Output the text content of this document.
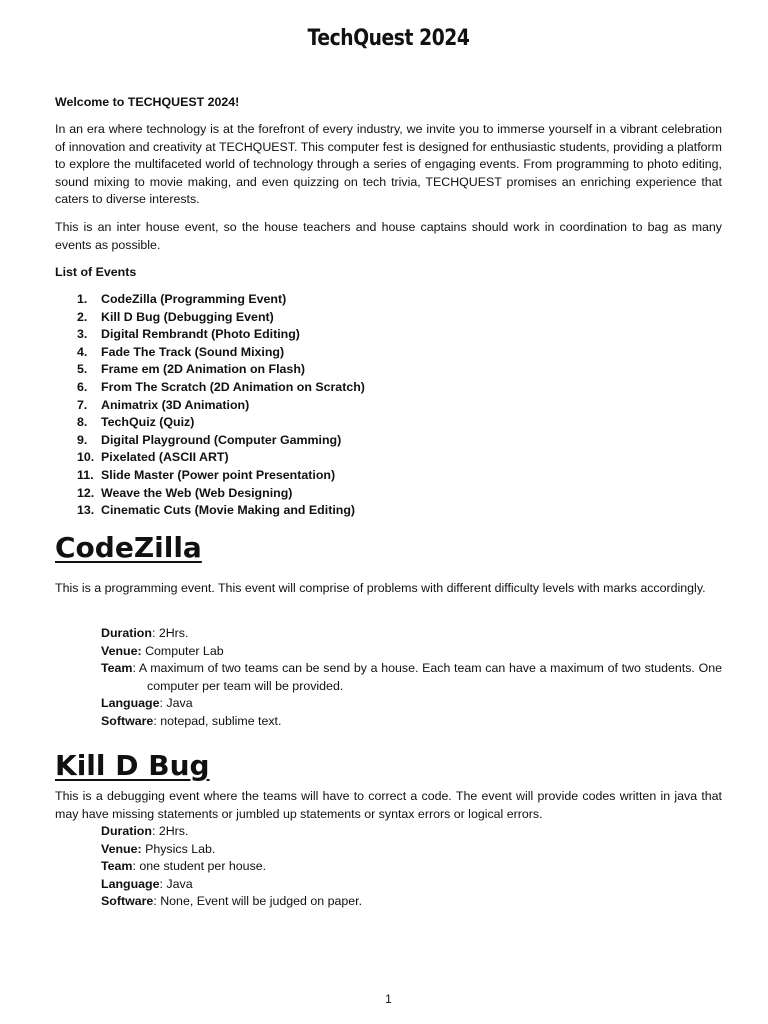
TechQuest 2024

Welcome to TECHQUEST 2024!

In an era where technology is at the forefront of every industry, we invite you to immerse yourself in a vibrant celebration of innovation and creativity at TECHQUEST. This computer fest is designed for enthusiastic students, providing a platform to explore the multifaceted world of technology through a series of engaging events. From programming to photo editing, sound mixing to movie making, and even quizzing on tech trivia, TECHQUEST promises an enriching experience that caters to diverse interests.

This is an inter house event, so the house teachers and house captains should work in coordination to bag as many events as possible.

List of Events

1. CodeZilla (Programming Event)
2. Kill D Bug (Debugging Event)
3. Digital Rembrandt (Photo Editing)
4. Fade The Track (Sound Mixing)
5. Frame em (2D Animation on Flash)
6. From The Scratch (2D Animation on Scratch)
7. Animatrix (3D Animation)
8. TechQuiz (Quiz)
9. Digital Playground (Computer Gamming)
10. Pixelated (ASCII ART)
11. Slide Master (Power point Presentation)
12. Weave the Web (Web Designing)
13. Cinematic Cuts (Movie Making and Editing)
CodeZilla

This is a programming event. This event will comprise of problems with different difficulty levels with marks accordingly.

Duration: 2Hrs.
Venue: Computer Lab
Team: A maximum of two teams can be send by a house. Each team can have a maximum of two students. One computer per team will be provided.
Language: Java
Software: notepad, sublime text.
Kill D Bug

This is a debugging event where the teams will have to correct a code. The event will provide codes written in java that may have missing statements or jumbled up statements or syntax errors or logical errors.

Duration: 2Hrs.
Venue: Physics Lab.
Team: one student per house.
Language: Java
Software: None, Event will be judged on paper.
1
